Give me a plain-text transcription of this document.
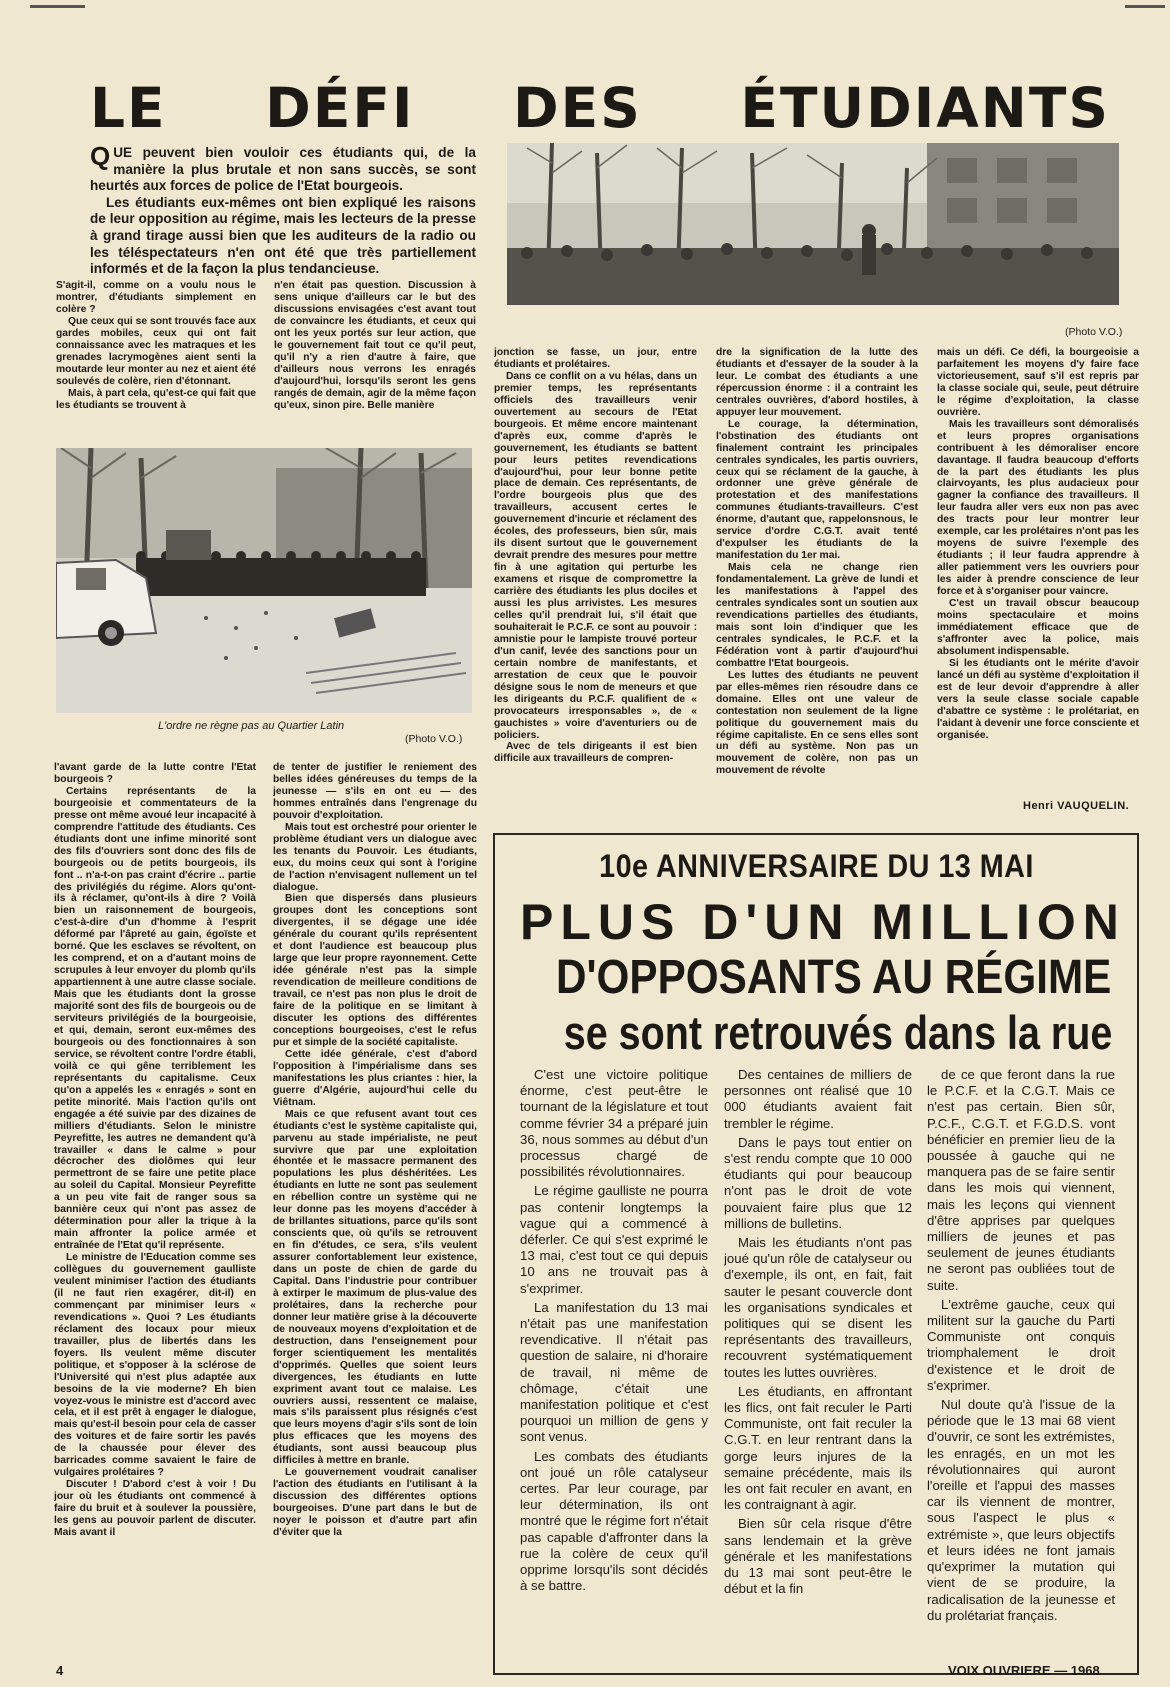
LE DÉFI DES ÉTUDIANTS

QUE peuvent bien vouloir ces étudiants qui, de la manière la plus brutale et non sans succès, se sont heurtés aux forces de police de l'Etat bourgeois.

Les étudiants eux-mêmes ont bien expliqué les raisons de leur opposition au régime, mais les lecteurs de la presse à grand tirage aussi bien que les auditeurs de la radio ou les téléspectateurs n'en ont été que très partiellement informés et de la façon la plus tendancieuse.

(Photo V.O.)
L'ordre ne règne pas au Quartier Latin
(Photo V.O.)

S'agit-il, comme on a voulu nous le montrer, d'étudiants simplement en colère ?

Que ceux qui se sont trouvés face aux gardes mobiles, ceux qui ont fait connaissance avec les matraques et les grenades lacrymogènes aient senti la moutarde leur monter au nez et aient été soulevés de colère, rien d'étonnant.

Mais, à part cela, qu'est-ce qui fait que les étudiants se trouvent à

n'en était pas question. Discussion à sens unique d'ailleurs car le but des discussions envisagées c'est avant tout de convaincre les étudiants, et ceux qui ont les yeux portés sur leur action, que le gouvernement fait tout ce qu'il peut, qu'il n'y a rien d'autre à faire, que d'ailleurs nous verrons les enragés d'aujourd'hui, lorsqu'ils seront les gens rangés de demain, agir de la même façon qu'eux, sinon pire. Belle manière

l'avant garde de la lutte contre l'Etat bourgeois ?

Certains représentants de la bourgeoisie et commentateurs de la presse ont même avoué leur incapacité à comprendre l'attitude des étudiants. Ces étudiants dont une infime minorité sont des fils d'ouvriers sont donc des fils de bourgeois ou de petits bourgeois, ils font .. n'a-t-on pas craint d'écrire .. partie des privilégiés du régime. Alors qu'ont-ils à réclamer, qu'ont-ils à dire ? Voilà bien un raisonnement de bourgeois, c'est-à-dire d'un d'homme à l'esprit déformé par l'âpreté au gain, égoïste et borné. Que les esclaves se révoltent, on les comprend, et on a d'autant moins de scrupules à leur envoyer du plomb qu'ils appartiennent à une autre classe sociale. Mais que les étudiants dont la grosse majorité sont des fils de bourgeois ou de serviteurs privilégiés de la bourgeoisie, et qui, demain, seront eux-mêmes des bourgeois ou des fonctionnaires à son service, se révoltent contre l'ordre établi, voilà ce qui gêne terriblement les représentants du capitalisme. Ceux qu'on a appelés les « enragés » sont en petite minorité. Mais l'action qu'ils ont engagée a été suivie par des dizaines de milliers d'étudiants. Selon le ministre Peyrefitte, les autres ne demandent qu'à travailler « dans le calme » pour décrocher des diolômes qui leur permettront de se faire une petite place au soleil du Capital. Monsieur Peyrefitte a un peu vite fait de ranger sous sa bannière ceux qui n'ont pas assez de détermination pour aller la trique à la main affronter la police armée et entraînée de l'Etat qu'il représente.

Le ministre de l'Education comme ses collègues du gouvernement gaulliste veulent minimiser l'action des étudiants (il ne faut rien exagérer, dit-il) en commençant par minimiser leurs « revendications ». Quoi ? Les étudiants réclament des locaux pour mieux travailler, plus de libertés dans les foyers. Ils veulent même discuter politique, et s'opposer à la sclérose de l'Université qui n'est plus adaptée aux besoins de la vie moderne? Eh bien voyez-vous le ministre est d'accord avec cela, et il est prêt à engager le dialogue, mais qu'est-il besoin pour cela de casser des voitures et de faire sortir les pavés de la chaussée pour élever des barricades comme savaient le faire de vulgaires prolétaires ?

Discuter ! D'abord c'est à voir ! Du jour où les étudiants ont commencé à faire du bruit et à soulever la poussière, les gens au pouvoir parlent de discuter. Mais avant il

de tenter de justifier le reniement des belles idées généreuses du temps de la jeunesse — s'ils en ont eu — des hommes entraînés dans l'engrenage du pouvoir d'exploitation.

Mais tout est orchestré pour orienter le problème étudiant vers un dialogue avec les tenants du Pouvoir. Les étudiants, eux, du moins ceux qui sont à l'origine de l'action n'envisagent nullement un tel dialogue.

Bien que dispersés dans plusieurs groupes dont les conceptions sont divergentes, il se dégage une idée générale du courant qu'ils représentent et dont l'audience est beaucoup plus large que leur propre rayonnement. Cette idée générale n'est pas la simple revendication de meilleure conditions de travail, ce n'est pas non plus le droit de faire de la politique en se limitant à discuter les options des différentes conceptions bourgeoises, c'est le refus pur et simple de la société capitaliste.

Cette idée générale, c'est d'abord l'opposition à l'impérialisme dans ses manifestations les plus criantes : hier, la guerre d'Algérie, aujourd'hui celle du Viêtnam.

Mais ce que refusent avant tout ces étudiants c'est le système capitaliste qui, parvenu au stade impérialiste, ne peut survivre que par une exploitation éhontée et le massacre permanent des populations les plus déshéritées. Les étudiants en lutte ne sont pas seulement en rébellion contre un système qui ne leur donne pas les moyens d'accéder à de brillantes situations, parce qu'ils sont conscients que, où qu'ils se retrouvent en fin d'études, ce sera, s'ils veulent assurer confortablement leur existence, dans un poste de chien de garde du Capital. Dans l'industrie pour contribuer à extirper le maximum de plus-value des prolétaires, dans la recherche pour donner leur matière grise à la découverte de nouveaux moyens d'exploitation et de destruction, dans l'enseignement pour forger scientiquement les mentalités d'opprimés. Quelles que soient leurs divergences, les étudiants en lutte expriment avant tout ce malaise. Les ouvriers aussi, ressentent ce malaise, mais s'ils paraissent plus résignés c'est que leurs moyens d'agir s'ils sont de loin plus efficaces que les moyens des étudiants, sont aussi beaucoup plus difficiles à mettre en branle.

Le gouvernement voudrait canaliser l'action des étudiants en l'utilisant à la discussion des différentes options bourgeoises. D'une part dans le but de noyer le poisson et d'autre part afin d'éviter que la

jonction se fasse, un jour, entre étudiants et prolétaires.

Dans ce conflit on a vu hélas, dans un premier temps, les représentants officiels des travailleurs venir ouvertement au secours de l'Etat bourgeois. Et même encore maintenant d'après eux, comme d'après le gouvernement, les étudiants se battent pour leurs petites revendications d'aujourd'hui, pour leur bonne petite place de demain. Ces représentants, de l'ordre bourgeois plus que des travailleurs, accusent certes le gouvernement d'incurie et réclament des écoles, des professeurs, bien sûr, mais ils disent surtout que le gouvernement devrait prendre des mesures pour mettre fin à une agitation qui perturbe les examens et risque de compromettre la carrière des étudiants les plus dociles et aussi les plus arrivistes. Les mesures celles qu'il prendrait lui, s'il était que souhaiterait le P.C.F. ce sont au pouvoir : amnistie pour le lampiste trouvé porteur d'un canif, levée des sanctions pour un certain nombre de manifestants, et arrestation de ceux que le pouvoir désigne sous le nom de meneurs et que les dirigeants du P.C.F. qualifient de « provocateurs irresponsables », de « gauchistes » voire d'aventuriers ou de policiers.

Avec de tels dirigeants il est bien difficile aux travailleurs de compren-

dre la signification de la lutte des étudiants et d'essayer de la souder à la leur. Le combat des étudiants a une répercussion énorme : il a contraint les centrales ouvrières, d'abord hostiles, à appuyer leur mouvement.

Le courage, la détermination, l'obstination des étudiants ont finalement contraint les principales centrales syndicales, les partis ouvriers, ceux qui se réclament de la gauche, à ordonner une grève générale de protestation et des manifestations communes étudiants-travailleurs. C'est énorme, d'autant que, rappelonsnous, le service d'ordre C.G.T. avait tenté d'expulser les étudiants de la manifestation du 1er mai.

Mais cela ne change rien fondamentalement. La grève de lundi et les manifestations à l'appel des centrales syndicales sont un soutien aux revendications partielles des étudiants, mais sont loin d'indiquer que les centrales syndicales, le P.C.F. et la Fédération vont à partir d'aujourd'hui combattre l'Etat bourgeois.

Les luttes des étudiants ne peuvent par elles-mêmes rien résoudre dans ce domaine. Elles ont une valeur de contestation non seulement de la ligne politique du gouvernement mais du régime capitaliste. En ce sens elles sont un défi au système. Non pas un mouvement de colère, non pas un mouvement de révolte

mais un défi. Ce défi, la bourgeoisie a parfaitement les moyens d'y faire face victorieusement, sauf s'il est repris par la classe sociale qui, seule, peut détruire le régime d'exploitation, la classe ouvrière.

Mais les travailleurs sont démoralisés et leurs propres organisations contribuent à les démoraliser encore davantage. Il faudra beaucoup d'efforts de la part des étudiants les plus clairvoyants, les plus audacieux pour gagner la confiance des travailleurs. Il leur faudra aller vers eux non pas avec des tracts pour leur montrer leur exemple, car les prolétaires n'ont pas les moyens de suivre l'exemple des étudiants ; il leur faudra apprendre à aller patiemment vers les ouvriers pour les aider à prendre conscience de leur force et à s'organiser pour vaincre.

C'est un travail obscur beaucoup moins spectaculaire et moins immédiatement efficace que de s'affronter avec la police, mais absolument indispensable.

Si les étudiants ont le mérite d'avoir lancé un défi au système d'exploitation il est de leur devoir d'apprendre à aller vers la seule classe sociale capable d'abattre ce système : le prolétariat, en l'aidant à devenir une force consciente et organisée.

Henri VAUQUELIN.
10e ANNIVERSAIRE DU 13 MAI
PLUS D'UN MILLION
D'OPPOSANTS AU RÉGIME
se sont retrouvés dans la rue

C'est une victoire politique énorme, c'est peut-être le tournant de la législature et tout comme février 34 a préparé juin 36, nous sommes au début d'un processus chargé de possibilités révolutionnaires.

Le régime gaulliste ne pourra pas contenir longtemps la vague qui a commencé à déferler. Ce qui s'est exprimé le 13 mai, c'est tout ce qui depuis 10 ans ne trouvait pas à s'exprimer.

La manifestation du 13 mai n'était pas une manifestation revendicative. Il n'était pas question de salaire, ni d'horaire de travail, ni même de chômage, c'était une manifestation politique et c'est pourquoi un million de gens y sont venus.

Les combats des étudiants ont joué un rôle catalyseur certes. Par leur courage, par leur détermination, ils ont montré que le régime fort n'était pas capable d'affronter dans la rue la colère de ceux qu'il opprime lorsqu'ils sont décidés à se battre.

Des centaines de milliers de personnes ont réalisé que 10 000 étudiants avaient fait trembler le régime.

Dans le pays tout entier on s'est rendu compte que 10 000 étudiants qui pour beaucoup n'ont pas le droit de vote pouvaient faire plus que 12 millions de bulletins.

Mais les étudiants n'ont pas joué qu'un rôle de catalyseur ou d'exemple, ils ont, en fait, fait sauter le pesant couvercle dont les organisations syndicales et politiques qui se disent les représentants des travailleurs, recouvrent systématiquement toutes les luttes ouvrières.

Les étudiants, en affrontant les flics, ont fait reculer le Parti Communiste, ont fait reculer la C.G.T. en leur rentrant dans la gorge leurs injures de la semaine précédente, mais ils les ont fait reculer en avant, en les contraignant à agir.

Bien sûr cela risque d'être sans lendemain et la grève générale et les manifestations du 13 mai sont peut-être le début et la fin

de ce que feront dans la rue le P.C.F. et la C.G.T. Mais ce n'est pas certain. Bien sûr, P.C.F., C.G.T. et F.G.D.S. vont bénéficier en premier lieu de la poussée à gauche qui ne manquera pas de se faire sentir dans les mois qui viennent, mais les leçons qui viennent d'être apprises par quelques milliers de jeunes et pas seulement de jeunes étudiants ne seront pas oubliées tout de suite.

L'extrême gauche, ceux qui militent sur la gauche du Parti Communiste ont conquis triomphalement le droit d'existence et le droit de s'exprimer.

Nul doute qu'à l'issue de la période que le 13 mai 68 vient d'ouvrir, ce sont les extrémistes, les enragés, en un mot les révolutionnaires qui auront l'oreille et l'appui des masses car ils viennent de montrer, sous l'aspect le plus « extrémiste », que leurs objectifs et leurs idées ne font jamais qu'exprimer la mutation qui vient de se produire, la radicalisation de la jeunesse et du prolétariat français.

4	VOIX OUVRIERE — 1968
